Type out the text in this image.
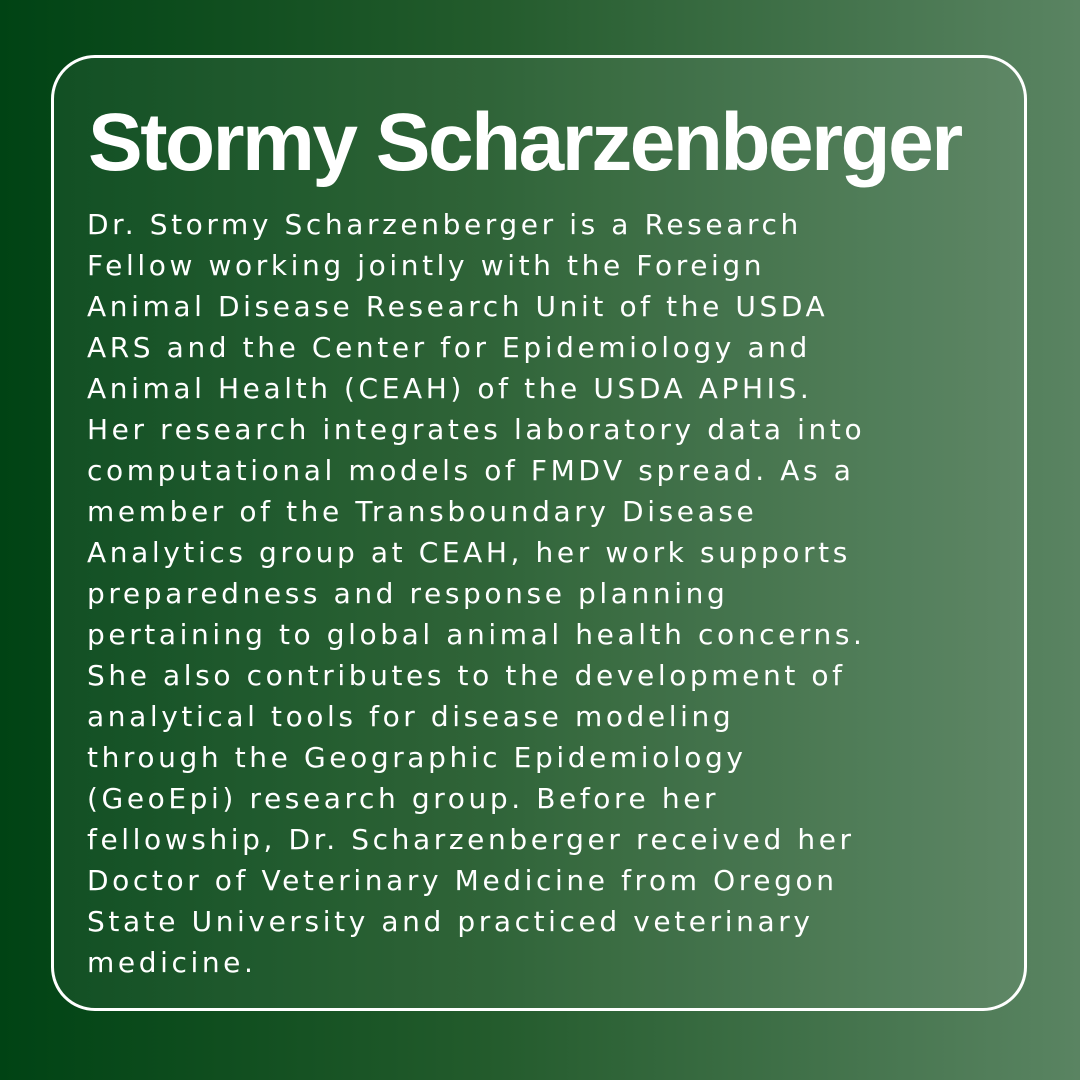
Stormy Scharzenberger

Dr. Stormy Scharzenberger is a Research
Fellow working jointly with the Foreign
Animal Disease Research Unit of the USDA
ARS and the Center for Epidemiology and
Animal Health (CEAH) of the USDA APHIS.
Her research integrates laboratory data into
computational models of FMDV spread. As a
member of the Transboundary Disease
Analytics group at CEAH, her work supports
preparedness and response planning
pertaining to global animal health concerns.
She also contributes to the development of
analytical tools for disease modeling
through the Geographic Epidemiology
(GeoEpi) research group. Before her
fellowship, Dr. Scharzenberger received her
Doctor of Veterinary Medicine from Oregon
State University and practiced veterinary
medicine.
